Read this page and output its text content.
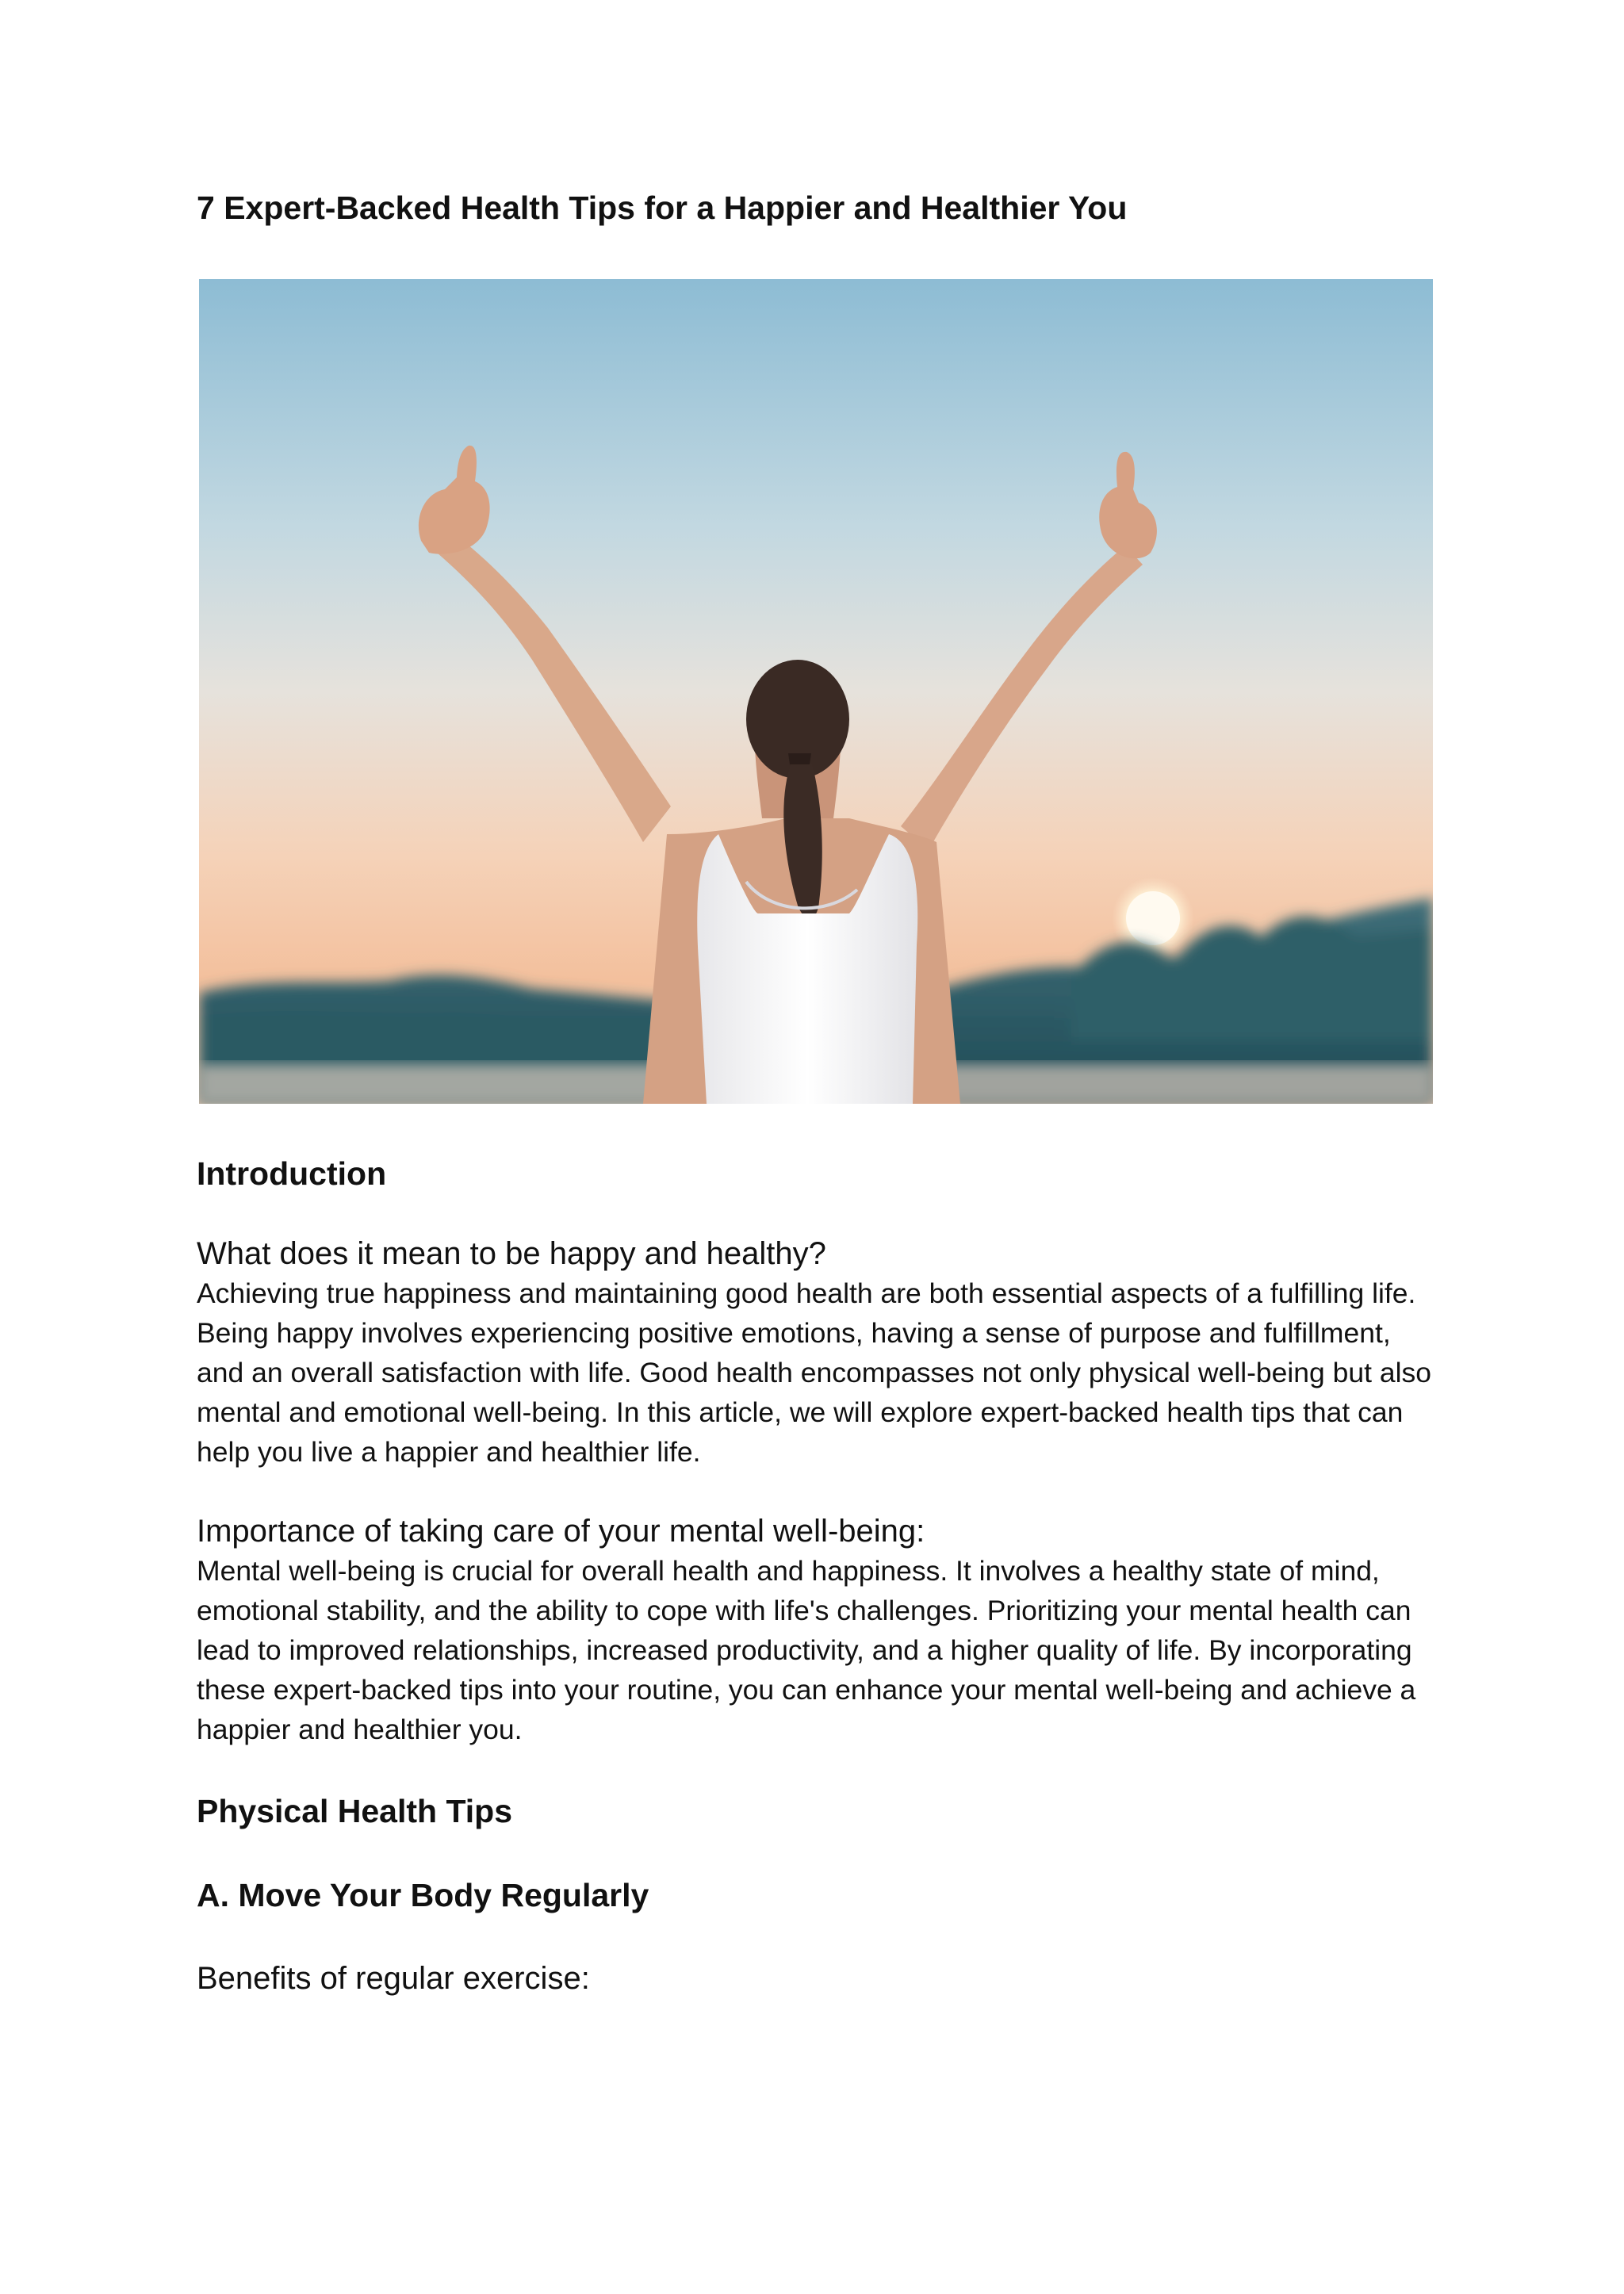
7 Expert-Backed Health Tips for a Happier and Healthier You
Introduction
What does it mean to be happy and healthy?

Achieving true happiness and maintaining good health are both essential aspects of a fulfilling life. Being happy involves experiencing positive emotions, having a sense of purpose and fulfillment, and an overall satisfaction with life. Good health encompasses not only physical well-being but also mental and emotional well-being. In this article, we will explore expert-backed health tips that can help you live a happier and healthier life.

Importance of taking care of your mental well-being:

Mental well-being is crucial for overall health and happiness. It involves a healthy state of mind, emotional stability, and the ability to cope with life's challenges. Prioritizing your mental health can lead to improved relationships, increased productivity, and a higher quality of life. By incorporating these expert-backed tips into your routine, you can enhance your mental well-being and achieve a happier and healthier you.

Physical Health Tips
A. Move Your Body Regularly
Benefits of regular exercise:
